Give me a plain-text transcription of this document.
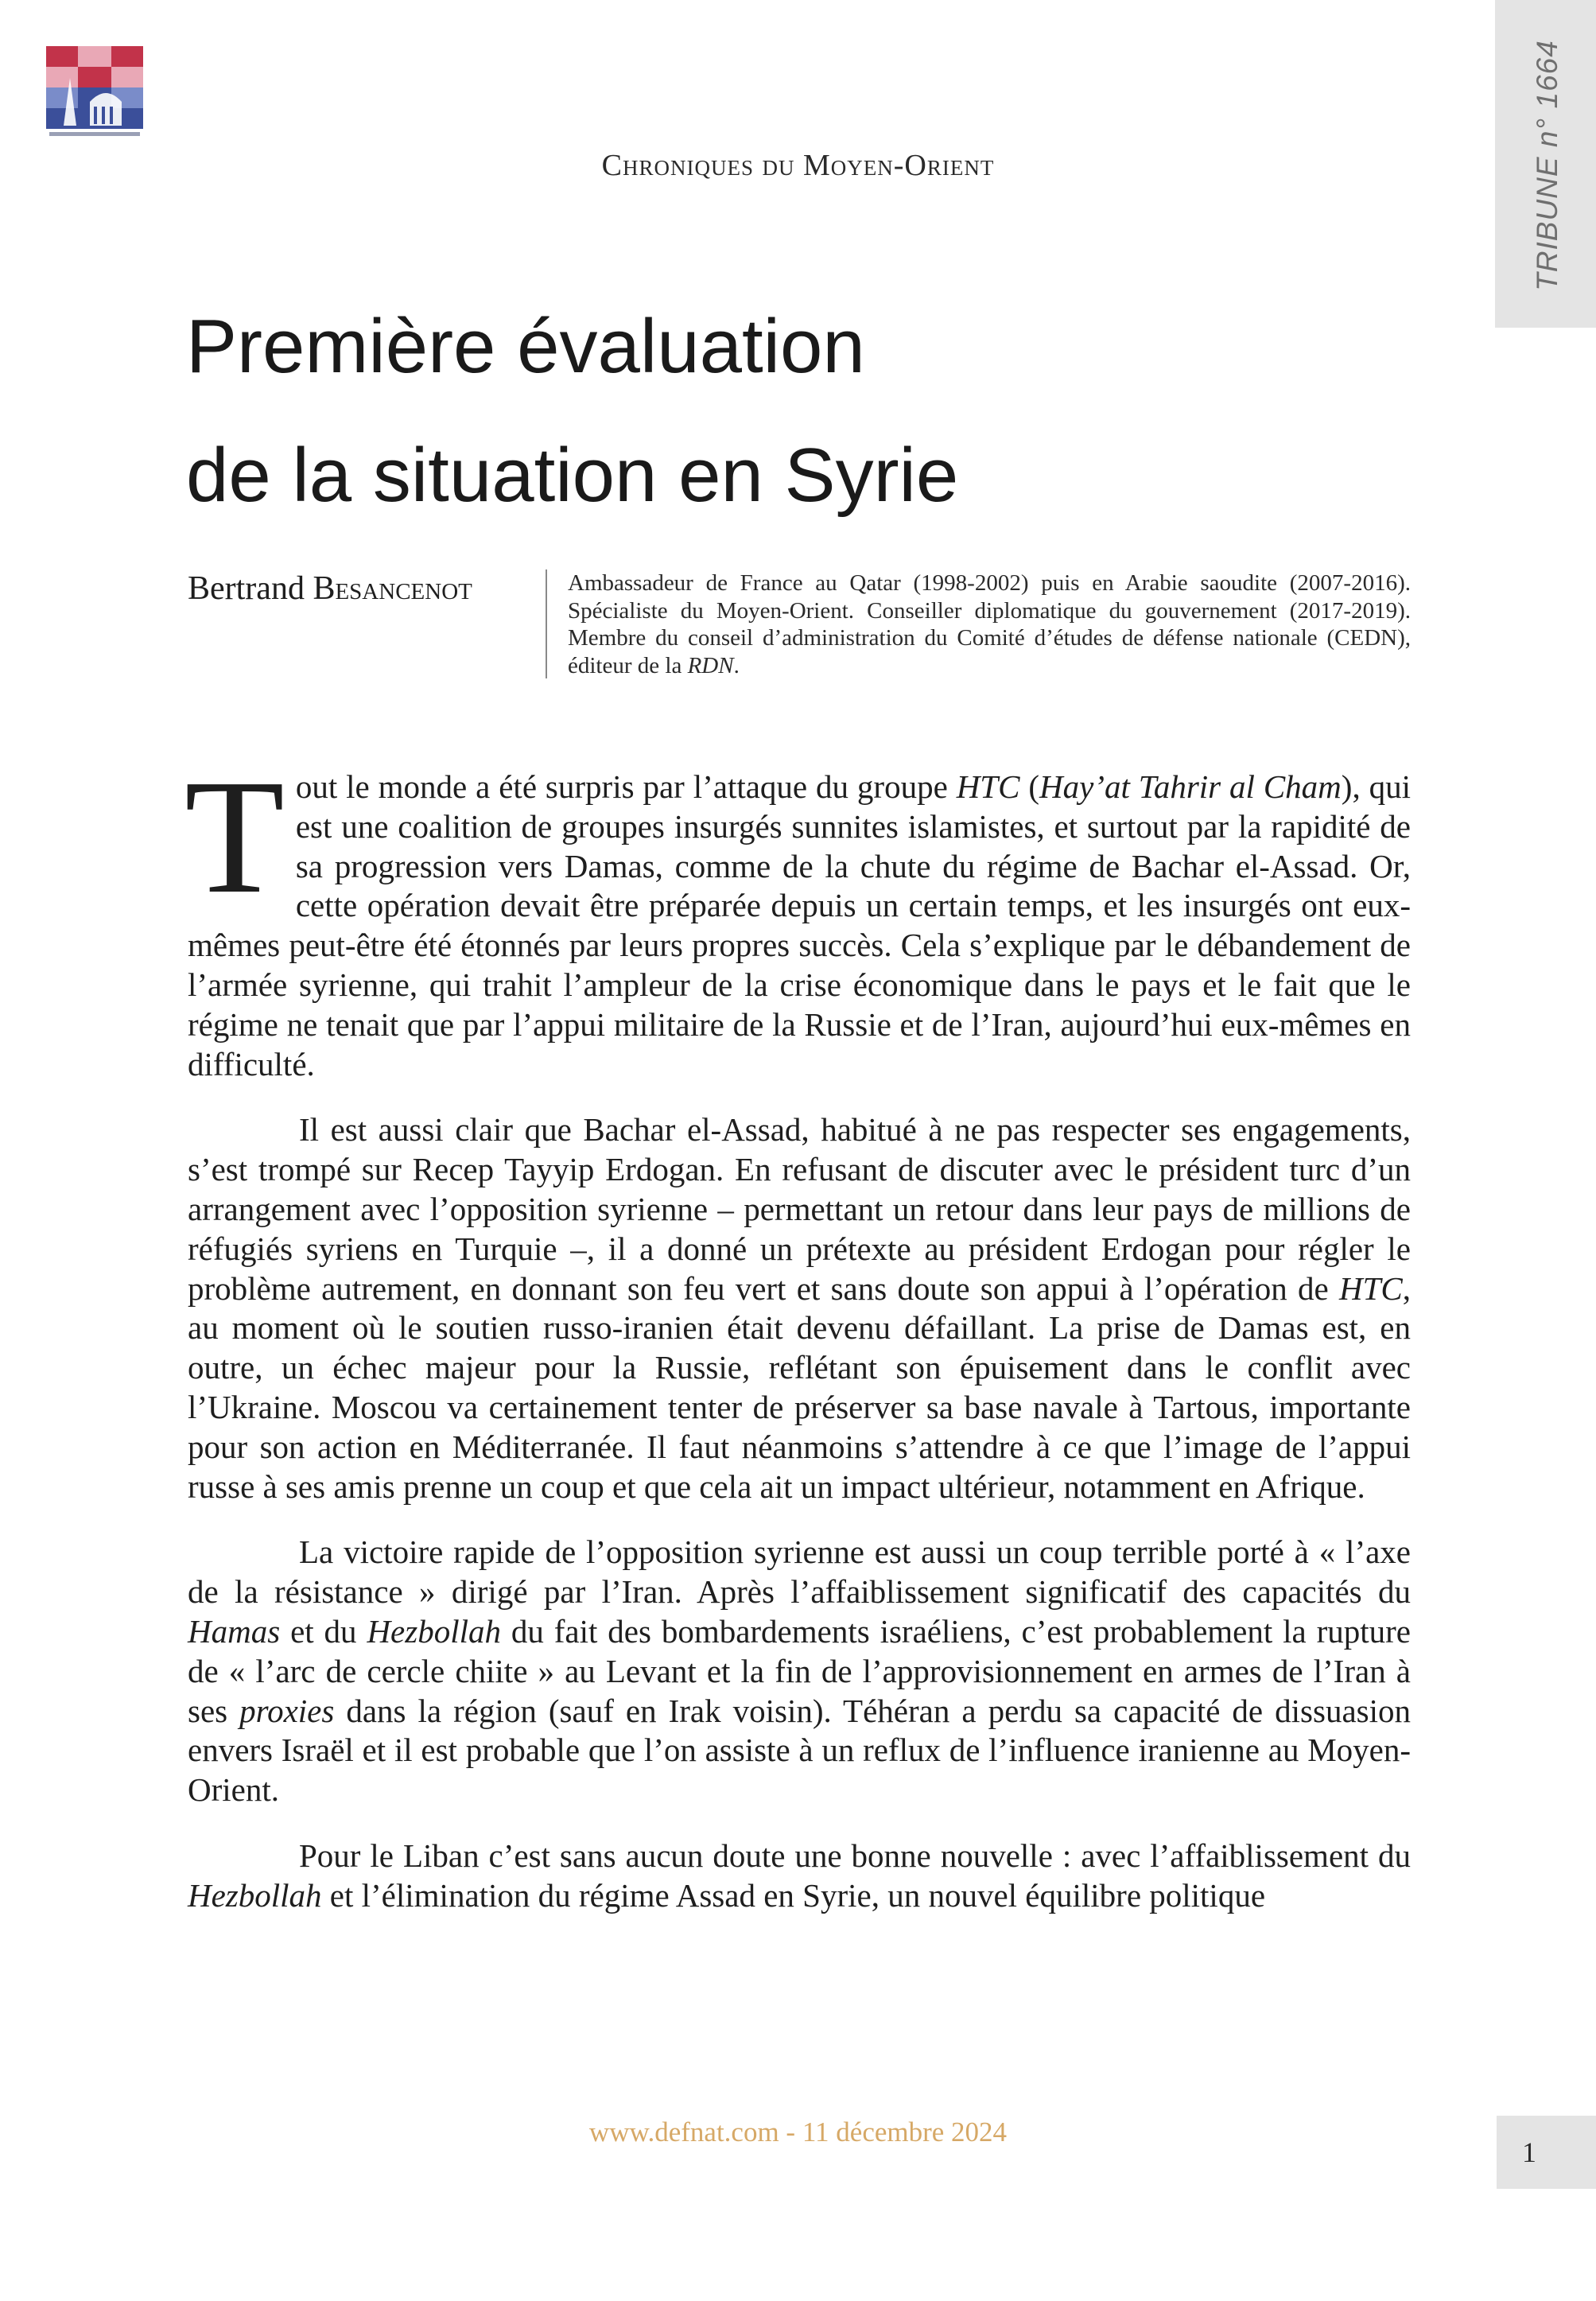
TRIBUNE n° 1664
Chroniques du Moyen-Orient
Première évaluation
de la situation en Syrie
Bertrand Besancenot	Ambassadeur de France au Qatar (1998-2002) puis en Arabie saoudite (2007-2016). Spécialiste du Moyen-Orient. Conseiller diplomatique du gouvernement (2017-2019). Membre du conseil d’administration du Comité d’études de défense nationale (CEDN), éditeur de la RDN.

Tout le monde a été surpris par l’attaque du groupe HTC (Hay’at Tahrir al Cham), qui est une coalition de groupes insurgés sunnites islamistes, et surtout par la rapidité de sa progression vers Damas, comme de la chute du régime de Bachar el-Assad. Or, cette opération devait être préparée depuis un certain temps, et les insurgés ont eux-mêmes peut-être été étonnés par leurs propres succès. Cela s’explique par le débandement de l’armée syrienne, qui trahit l’ampleur de la crise économique dans le pays et le fait que le régime ne tenait que par l’appui militaire de la Russie et de l’Iran, aujourd’hui eux-mêmes en difficulté.

Il est aussi clair que Bachar el-Assad, habitué à ne pas respecter ses engagements, s’est trompé sur Recep Tayyip Erdogan. En refusant de discuter avec le président turc d’un arrangement avec l’opposition syrienne – permettant un retour dans leur pays de millions de réfugiés syriens en Turquie –, il a donné un prétexte au président Erdogan pour régler le problème autrement, en donnant son feu vert et sans doute son appui à l’opération de HTC, au moment où le soutien russo-iranien était devenu défaillant. La prise de Damas est, en outre, un échec majeur pour la Russie, reflétant son épuisement dans le conflit avec l’Ukraine. Moscou va certainement tenter de préserver sa base navale à Tartous, importante pour son action en Méditerranée. Il faut néanmoins s’attendre à ce que l’image de l’appui russe à ses amis prenne un coup et que cela ait un impact ultérieur, notamment en Afrique.

La victoire rapide de l’opposition syrienne est aussi un coup terrible porté à « l’axe de la résistance » dirigé par l’Iran. Après l’affaiblissement significatif des capacités du Hamas et du Hezbollah du fait des bombardements israéliens, c’est probablement la rupture de « l’arc de cercle chiite » au Levant et la fin de l’approvisionnement en armes de l’Iran à ses proxies dans la région (sauf en Irak voisin). Téhéran a perdu sa capacité de dissuasion envers Israël et il est probable que l’on assiste à un reflux de l’influence iranienne au Moyen-Orient.

Pour le Liban c’est sans aucun doute une bonne nouvelle : avec l’affaiblissement du Hezbollah et l’élimination du régime Assad en Syrie, un nouvel équilibre politique

www.defnat.com - 11 décembre 2024
1
